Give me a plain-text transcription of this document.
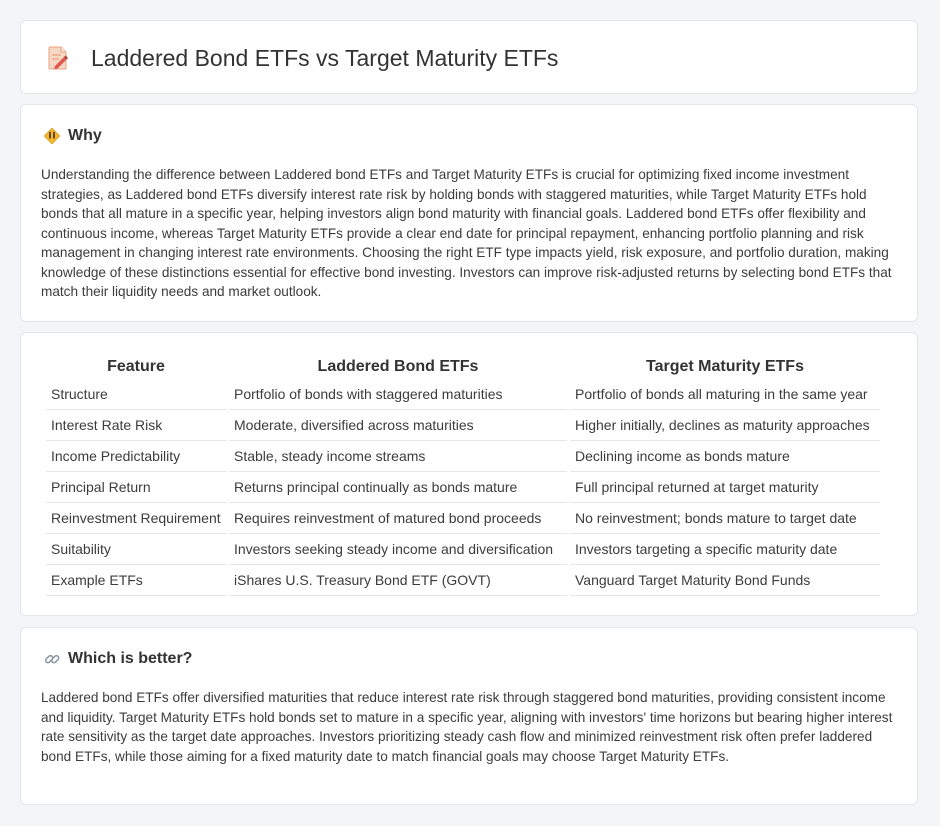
Laddered Bond ETFs vs Target Maturity ETFs
Why

Understanding the difference between Laddered bond ETFs and Target Maturity ETFs is crucial for optimizing fixed income investment strategies, as Laddered bond ETFs diversify interest rate risk by holding bonds with staggered maturities, while Target Maturity ETFs hold bonds that all mature in a specific year, helping investors align bond maturity with financial goals. Laddered bond ETFs offer flexibility and continuous income, whereas Target Maturity ETFs provide a clear end date for principal repayment, enhancing portfolio planning and risk management in changing interest rate environments. Choosing the right ETF type impacts yield, risk exposure, and portfolio duration, making knowledge of these distinctions essential for effective bond investing. Investors can improve risk-adjusted returns by selecting bond ETFs that match their liquidity needs and market outlook.

Feature	Laddered Bond ETFs	Target Maturity ETFs
Structure	Portfolio of bonds with staggered maturities	Portfolio of bonds all maturing in the same year
Interest Rate Risk	Moderate, diversified across maturities	Higher initially, declines as maturity approaches
Income Predictability	Stable, steady income streams	Declining income as bonds mature
Principal Return	Returns principal continually as bonds mature	Full principal returned at target maturity
Reinvestment Requirement	Requires reinvestment of matured bond proceeds	No reinvestment; bonds mature to target date
Suitability	Investors seeking steady income and diversification	Investors targeting a specific maturity date
Example ETFs	iShares U.S. Treasury Bond ETF (GOVT)	Vanguard Target Maturity Bond Funds
Which is better?

Laddered bond ETFs offer diversified maturities that reduce interest rate risk through staggered bond maturities, providing consistent income and liquidity. Target Maturity ETFs hold bonds set to mature in a specific year, aligning with investors' time horizons but bearing higher interest rate sensitivity as the target date approaches. Investors prioritizing steady cash flow and minimized reinvestment risk often prefer laddered bond ETFs, while those aiming for a fixed maturity date to match financial goals may choose Target Maturity ETFs.
